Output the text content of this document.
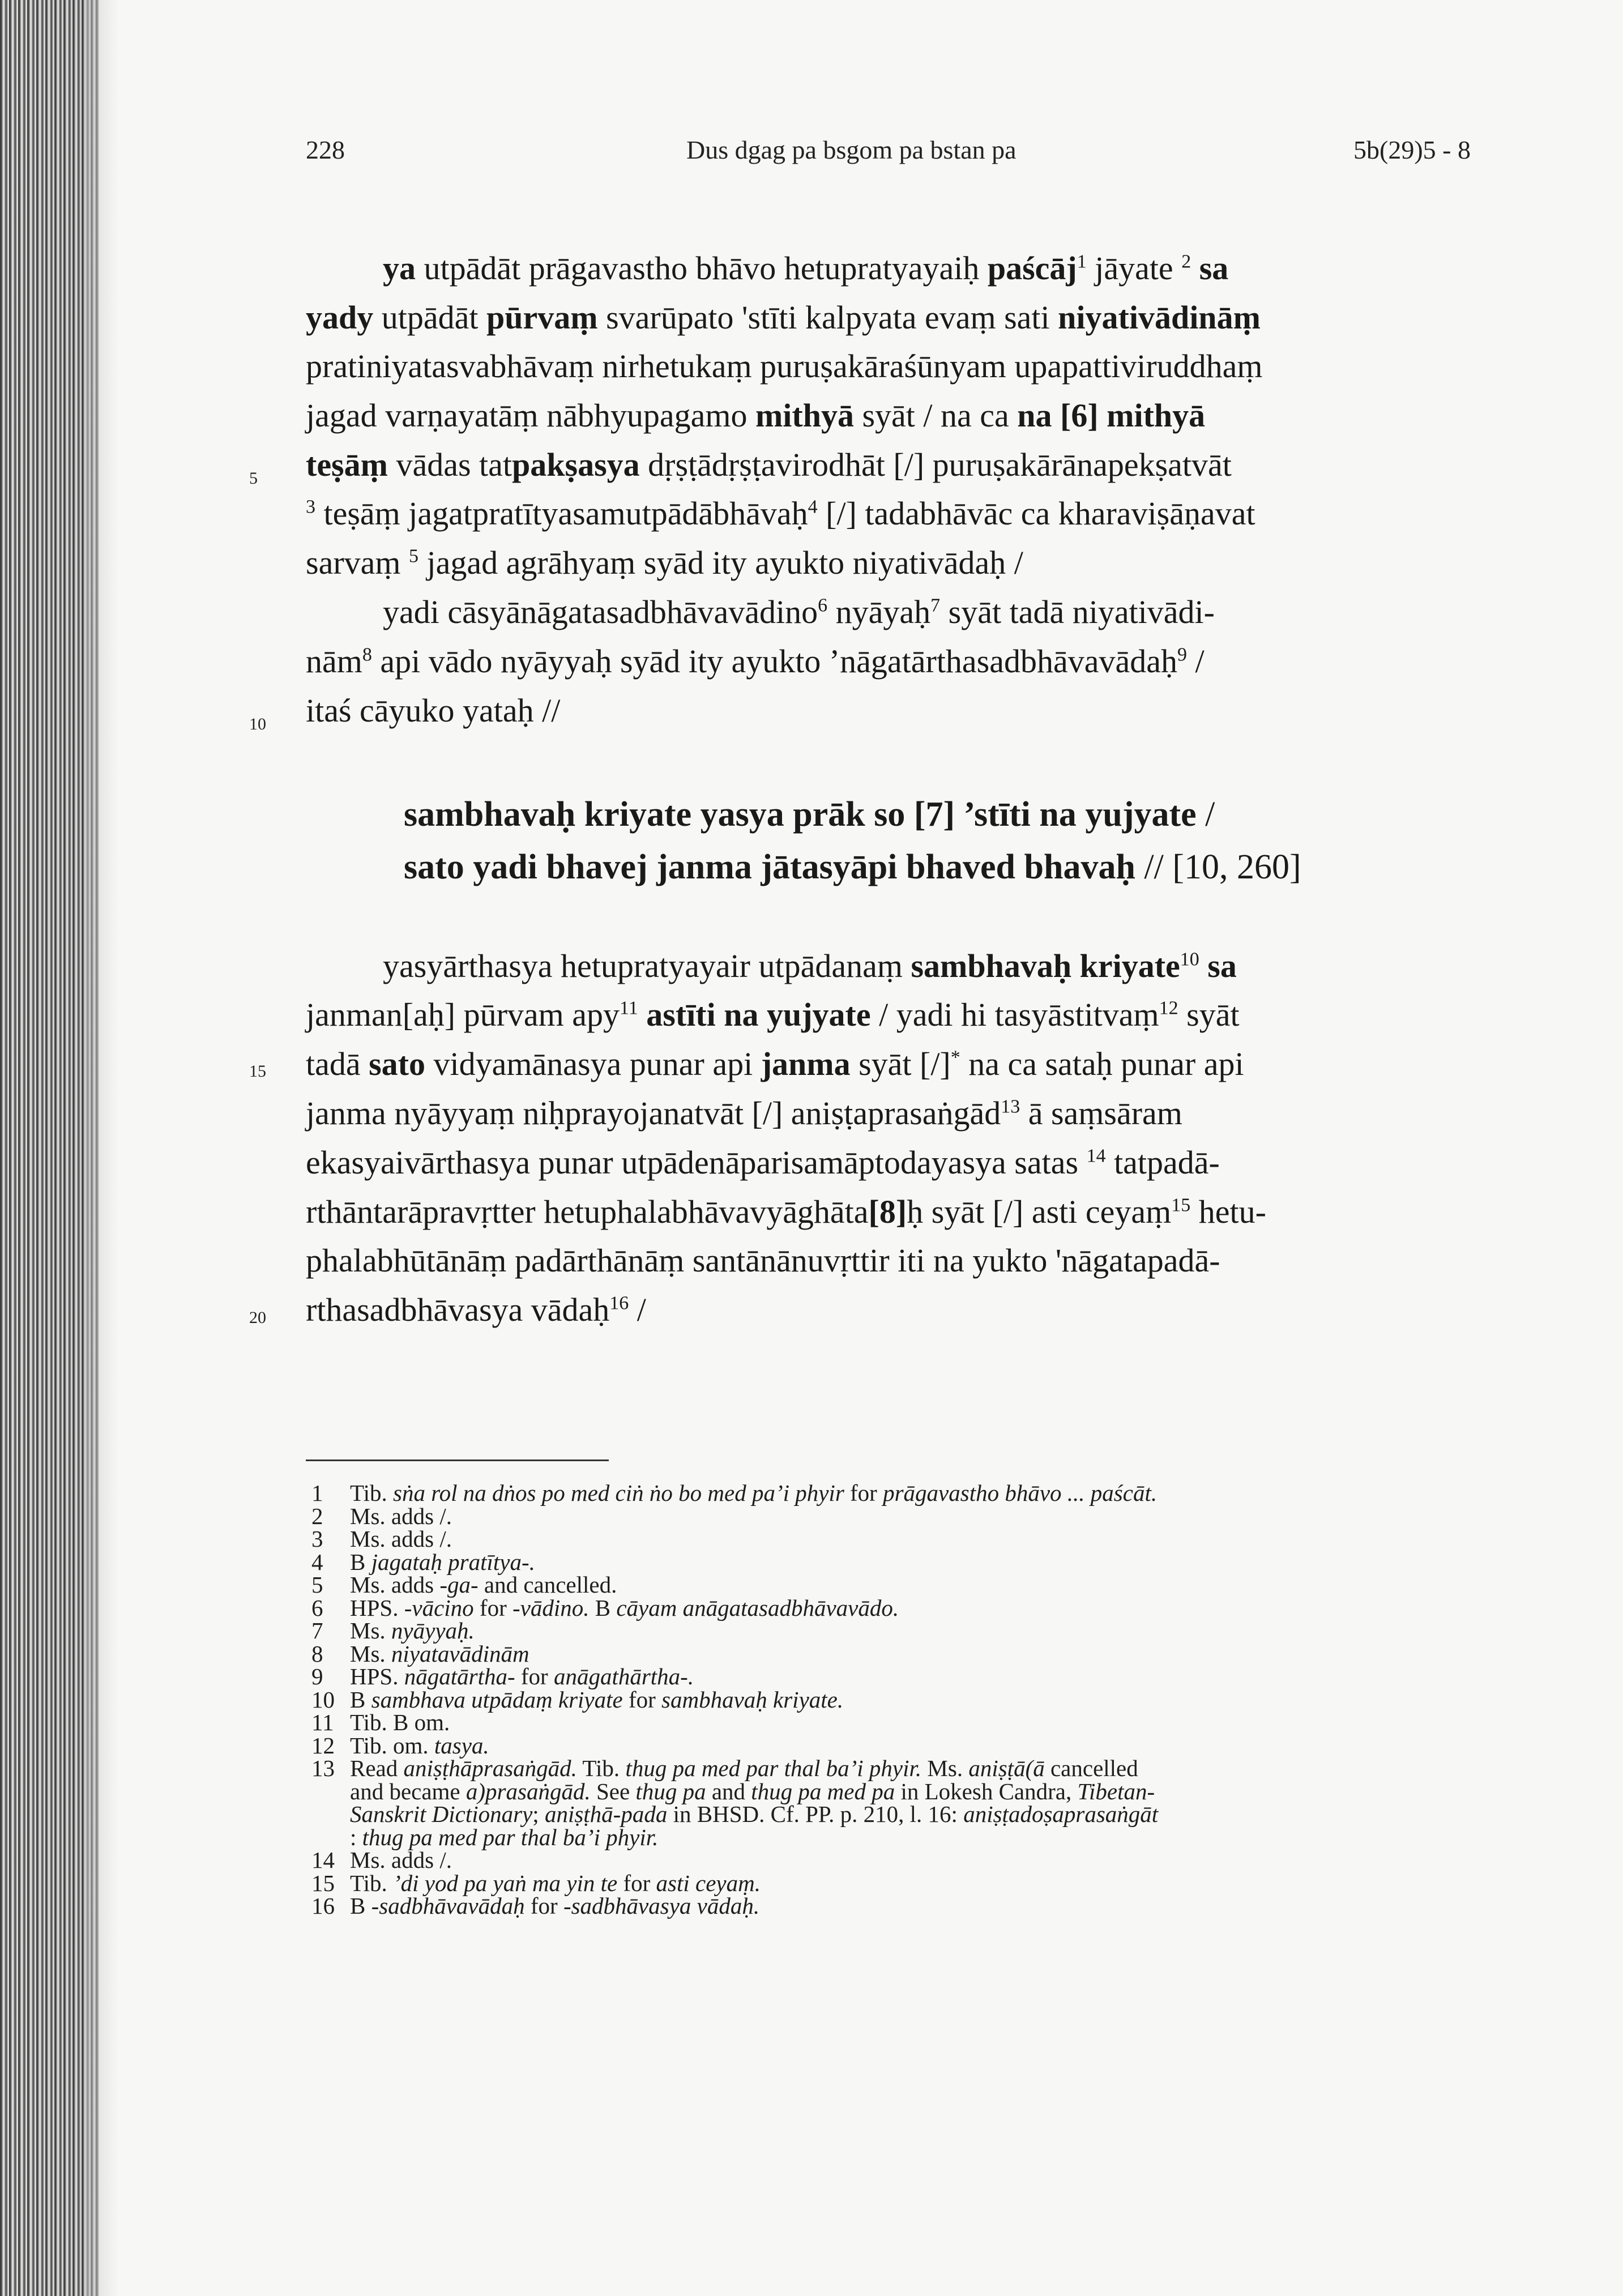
228	Dus dgag pa bsgom pa bstan pa	5b(29)5 - 8
5
10
15
20
ya utpādāt prāgavastho bhāvo hetupratyayaiḥ paścāj$^1$ jāyate $^2$ sa
yady utpādāt pūrvaṃ svarūpato 'stīti kalpyata evaṃ sati niyativādināṃ
pratiniyatasvabhāvaṃ nirhetukaṃ puruṣakāraśūnyam upapattiviruddhaṃ
jagad varṇayatāṃ nābhyupagamo mithyā syāt / na ca na [6] mithyā
teṣāṃ vādas tatpakṣasya dṛṣṭādṛṣṭavirodhāt [/] puruṣakārānapekṣatvāt
$^3$ teṣāṃ jagatpratītyasamutpādābhāvaḥ$^4$ [/] tadabhāvāc ca kharaviṣāṇavat
sarvaṃ $^5$ jagad agrāhyaṃ syād ity ayukto niyativādaḥ /
yadi cāsyānāgatasadbhāvavādino$^6$ nyāyaḥ$^7$ syāt tadā niyativādi-
nām$^8$ api vādo nyāyyaḥ syād ity ayukto ’nāgatārthasadbhāvavādaḥ$^9$ /
itaś cāyuko yataḥ //
sambhavaḥ kriyate yasya prāk so [7] ’stīti na yujyate /
sato yadi bhavej janma jātasyāpi bhaved bhavaḥ // [10, 260]
yasyārthasya hetupratyayair utpādanaṃ sambhavaḥ kriyate$^{10}$ sa
janman[aḥ] pūrvam apy$^{11}$ astīti na yujyate / yadi hi tasyāstitvaṃ$^{12}$ syāt
tadā sato vidyamānasya punar api janma syāt [/]* na ca sataḥ punar api
janma nyāyyaṃ niḥprayojanatvāt [/] aniṣṭaprasaṅgād$^{13}$ ā saṃsāram
ekasyaivārthasya punar utpādenāparisamāptodayasya satas $^{14}$ tatpadā-
rthāntarāpravṛtter hetuphalabhāvavyāghāta[8]ḥ syāt [/] asti ceyaṃ$^{15}$ hetu-
phalabhūtānāṃ padārthānāṃ santānānuvṛttir iti na yukto 'nāgatapadā-
rthasadbhāvasya vādaḥ$^{16}$ /
1 Tib. sṅa rol na dṅos po med ciṅ ṅo bo med pa’i phyir for prāgavastho bhāvo ... paścāt.
2 Ms. adds /.
3 Ms. adds /.
4 B jagataḥ pratītya-.
5 Ms. adds -ga- and cancelled.
6 HPS. -vācino for -vādino. B cāyam anāgatasadbhāvavādo.
7 Ms. nyāyyaḥ.
8 Ms. niyatavādinām
9 HPS. nāgatārtha- for anāgathārtha-.
10 B sambhava utpādaṃ kriyate for sambhavaḥ kriyate.
11 Tib. B om.
12 Tib. om. tasya.
13 Read aniṣṭhāprasaṅgād. Tib. thug pa med par thal ba’i phyir. Ms. aniṣṭā(ā cancelled
and became a)prasaṅgād. See thug pa and thug pa med pa in Lokesh Candra, Tibetan-
Sanskrit Dictionary; aniṣṭhā-pada in BHSD. Cf. PP. p. 210, l. 16: aniṣṭadoṣaprasaṅgāt
: thug pa med par thal ba’i phyir.
14 Ms. adds /.
15 Tib. ’di yod pa yaṅ ma yin te for asti ceyaṃ.
16 B -sadbhāvavādaḥ for -sadbhāvasya vādaḥ.
